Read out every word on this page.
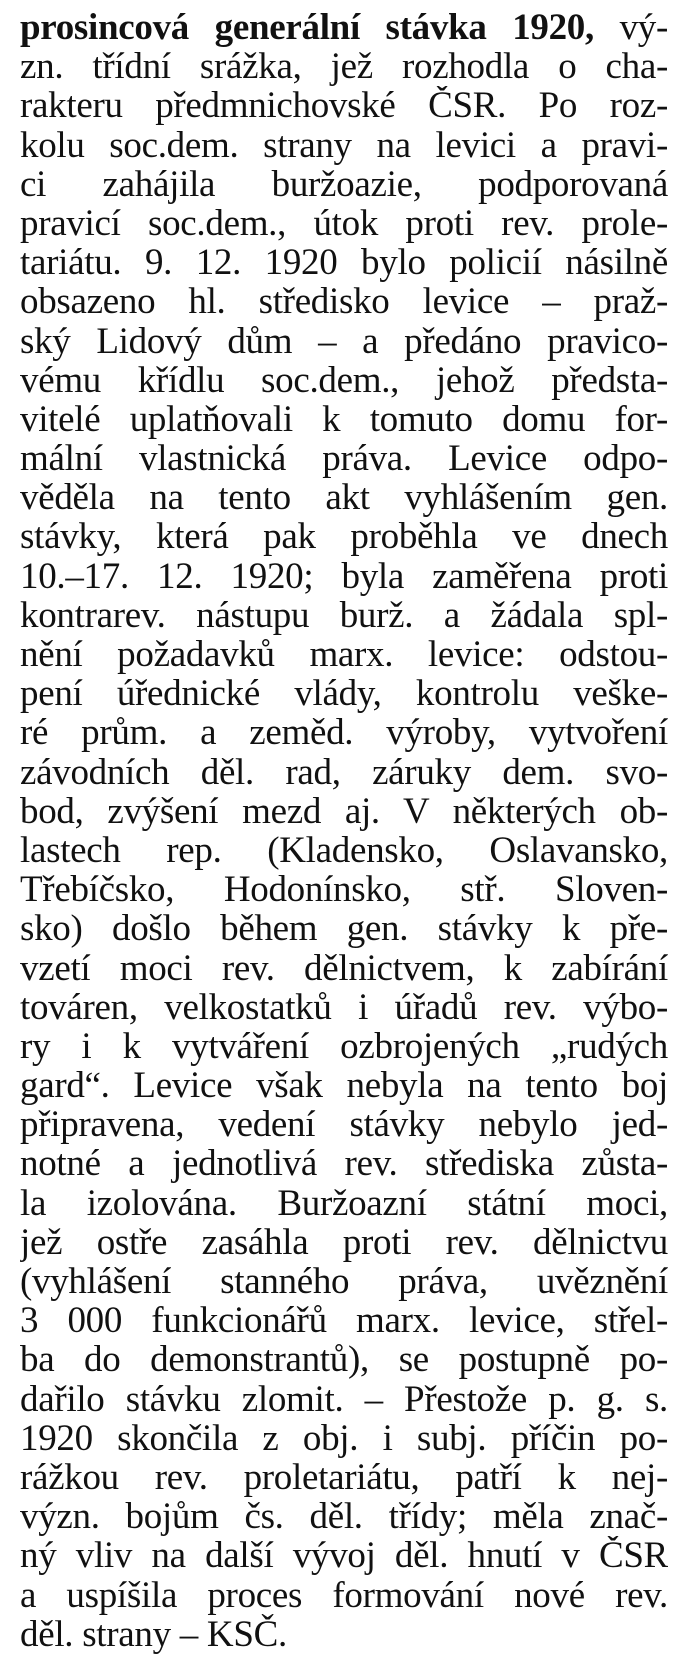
prosincová generální stávka 1920, vý-
zn. třídní srážka, jež rozhodla o cha-
rakteru předmnichovské ČSR. Po roz-
kolu soc.dem. strany na levici a pravi-
ci zahájila buržoazie, podporovaná
pravicí soc.dem., útok proti rev. prole-
tariátu. 9. 12. 1920 bylo policií násilně
obsazeno hl. středisko levice – praž-
ský Lidový dům – a předáno pravico-
vému křídlu soc.dem., jehož předsta-
vitelé uplatňovali k tomuto domu for-
mální vlastnická práva. Levice odpo-
věděla na tento akt vyhlášením gen.
stávky, která pak proběhla ve dnech
10.–17. 12. 1920; byla zaměřena proti
kontrarev. nástupu burž. a žádala spl-
nění požadavků marx. levice: odstou-
pení úřednické vlády, kontrolu veške-
ré prům. a zeměd. výroby, vytvoření
závodních děl. rad, záruky dem. svo-
bod, zvýšení mezd aj. V některých ob-
lastech rep. (Kladensko, Oslavansko,
Třebíčsko, Hodonínsko, stř. Sloven-
sko) došlo během gen. stávky k pře-
vzetí moci rev. dělnictvem, k zabírání
továren, velkostatků i úřadů rev. výbo-
ry i k vytváření ozbrojených „rudých
gard“. Levice však nebyla na tento boj
připravena, vedení stávky nebylo jed-
notné a jednotlivá rev. střediska zůsta-
la izolována. Buržoazní státní moci,
jež ostře zasáhla proti rev. dělnictvu
(vyhlášení stanného práva, uvěznění
3 000 funkcionářů marx. levice, střel-
ba do demonstrantů), se postupně po-
dařilo stávku zlomit. – Přestože p. g. s.
1920 skončila z obj. i subj. příčin po-
rážkou rev. proletariátu, patří k nej-
význ. bojům čs. děl. třídy; měla znač-
ný vliv na další vývoj děl. hnutí v ČSR
a uspíšila proces formování nové rev.
děl. strany – KSČ.
